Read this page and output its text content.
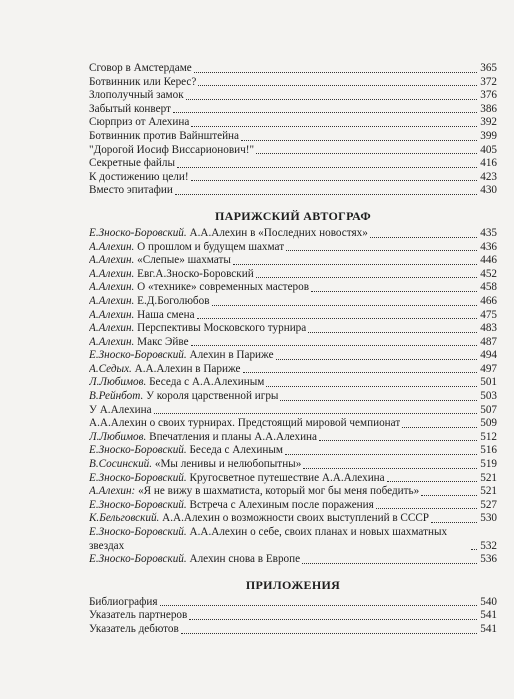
Сговор в Амстердаме	365
Ботвинник или Керес?	372
Злополучный замок	376
Забытый конверт	386
Сюрприз от Алехина	392
Ботвинник против Вайнштейна	399
"Дорогой Иосиф Виссарионович!"	405
Секретные файлы	416
К достижению цели!	423
Вместо эпитафии	430
ПАРИЖСКИЙ АВТОГРАФ
Е.Зноско-Боровский. А.А.Алехин в «Последних новостях»	435
А.Алехин. О прошлом и будущем шахмат	436
А.Алехин. «Слепые» шахматы	446
А.Алехин. Евг.А.Зноско-Боровский	452
А.Алехин. О «технике» современных мастеров	458
А.Алехин. Е.Д.Боголюбов	466
А.Алехин. Наша смена	475
А.Алехин. Перспективы Московского турнира	483
А.Алехин. Макс Эйве	487
Е.Зноско-Боровский. Алехин в Париже	494
А.Седых. А.А.Алехин в Париже	497
Л.Любимов. Беседа с А.А.Алехиным	501
В.Рейнбот. У короля царственной игры	503
У А.Алехина	507
А.А.Алехин о своих турнирах. Предстоящий мировой чемпионат	509
Л.Любимов. Впечатления и планы А.А.Алехина	512
Е.Зноско-Боровский. Беседа с Алехиным	516
В.Сосинский. «Мы ленивы и нелюбопытны»	519
Е.Зноско-Боровский. Кругосветное путешествие А.А.Алехина	521
А.Алехин: «Я не вижу в шахматиста, который мог бы меня победить»	521
Е.Зноско-Боровский. Встреча с Алехиным после поражения	527
К.Бельговский. А.А.Алехин о возможности своих выступлений в СССР	530
Е.Зноско-Боровский. А.А.Алехин о себе, своих планах и новых шахматных звездах	532
Е.Зноско-Боровский. Алехин снова в Европе	536
ПРИЛОЖЕНИЯ
Библиография	540
Указатель партнеров	541
Указатель дебютов	541
